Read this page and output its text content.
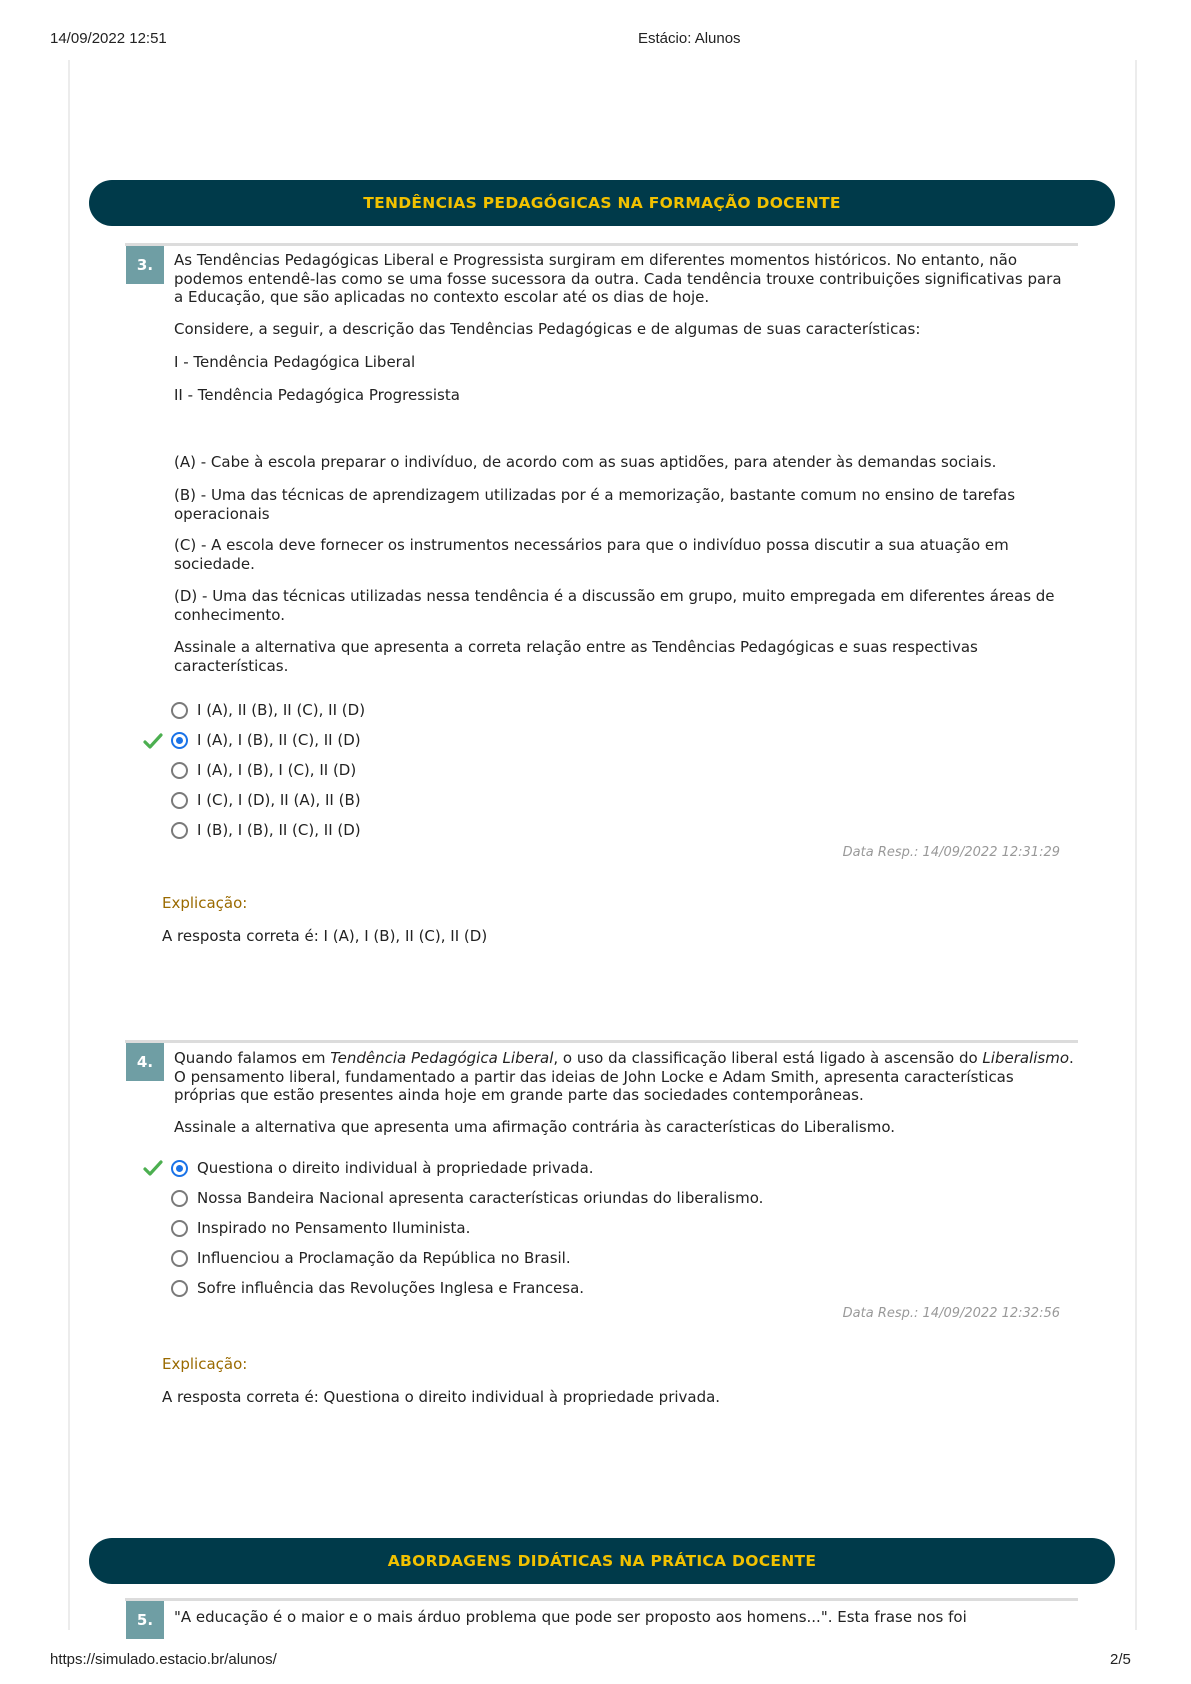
14/09/2022 12:51	Estácio: Alunos
https://simulado.estacio.br/alunos/	2/5
TENDÊNCIAS PEDAGÓGICAS NA FORMAÇÃO DOCENTE
3.	As Tendências Pedagógicas Liberal e Progressista surgiram em diferentes momentos históricos. No entanto, não podemos entendê-las como se uma fosse sucessora da outra. Cada tendência trouxe contribuições significativas para a Educação, que são aplicadas no contexto escolar até os dias de hoje.

Considere, a seguir, a descrição das Tendências Pedagógicas e de algumas de suas características:

I - Tendência Pedagógica Liberal

II - Tendência Pedagógica Progressista

(A) - Cabe à escola preparar o indivíduo, de acordo com as suas aptidões, para atender às demandas sociais.

(B) - Uma das técnicas de aprendizagem utilizadas por é a memorização, bastante comum no ensino de tarefas operacionais

(C) - A escola deve fornecer os instrumentos necessários para que o indivíduo possa discutir a sua atuação em sociedade.

(D) - Uma das técnicas utilizadas nessa tendência é a discussão em grupo, muito empregada em diferentes áreas de conhecimento.

Assinale a alternativa que apresenta a correta relação entre as Tendências Pedagógicas e suas respectivas características.

I (A), II (B), II (C), II (D)
I (A), I (B), II (C), II (D)
I (A), I (B), I (C), II (D)
I (C), I (D), II (A), II (B)
I (B), I (B), II (C), II (D)
Data Resp.: 14/09/2022 12:31:29
Explicação:
A resposta correta é: I (A), I (B), II (C), II (D)
4.	Quando falamos em Tendência Pedagógica Liberal, o uso da classificação liberal está ligado à ascensão do Liberalismo. O pensamento liberal, fundamentado a partir das ideias de John Locke e Adam Smith, apresenta características próprias que estão presentes ainda hoje em grande parte das sociedades contemporâneas.

Assinale a alternativa que apresenta uma afirmação contrária às características do Liberalismo.

Questiona o direito individual à propriedade privada.
Nossa Bandeira Nacional apresenta características oriundas do liberalismo.
Inspirado no Pensamento Iluminista.
Influenciou a Proclamação da República no Brasil.
Sofre influência das Revoluções Inglesa e Francesa.
Data Resp.: 14/09/2022 12:32:56
Explicação:
A resposta correta é: Questiona o direito individual à propriedade privada.
ABORDAGENS DIDÁTICAS NA PRÁTICA DOCENTE
5.	"A educação é o maior e o mais árduo problema que pode ser proposto aos homens...". Esta frase nos foi
